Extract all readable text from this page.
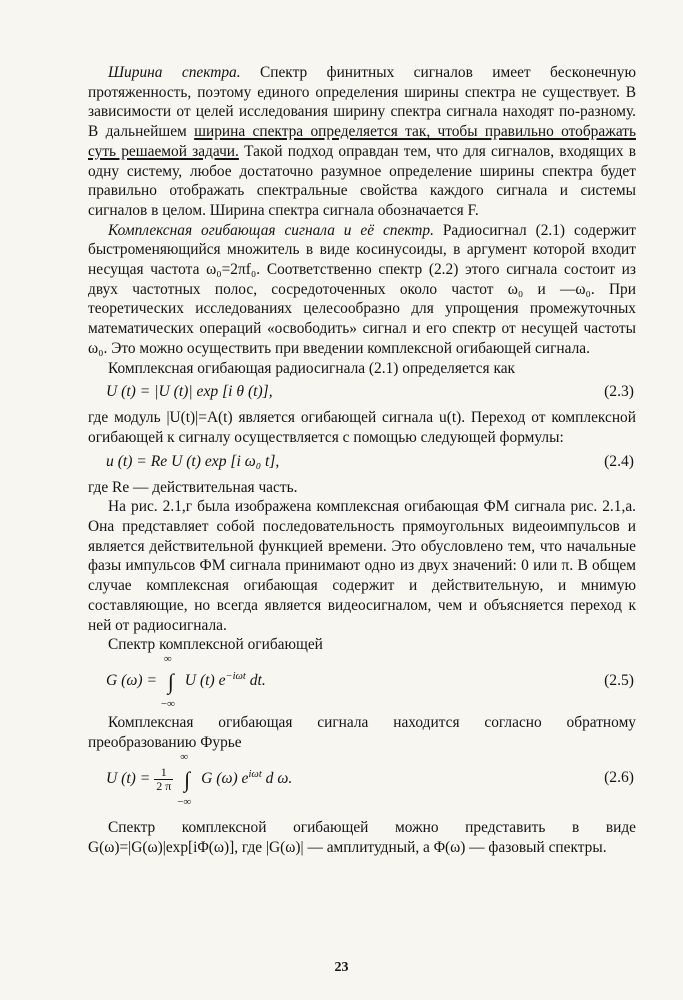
Ширина спектра. Спектр финитных сигналов имеет бесконечную протяженность, поэтому единого определения ширины спектра не существует. В зависимости от целей исследования ширину спектра сигнала находят по-разному. В дальнейшем ширина спектра определяется так, чтобы правильно отображать суть решаемой задачи. Такой подход оправдан тем, что для сигналов, входящих в одну систему, любое достаточно разумное определение ширины спектра будет правильно отображать спектральные свойства каждого сигнала и системы сигналов в целом. Ширина спектра сигнала обозначается F.

Комплексная огибающая сигнала и её спектр. Радиосигнал (2.1) содержит быстроменяющийся множитель в виде косинусоиды, в аргумент которой входит несущая частота ω₀=2πf₀. Соответственно спектр (2.2) этого сигнала состоит из двух частотных полос, сосредоточенных около частот ω₀ и —ω₀. При теоретических исследованиях целесообразно для упрощения промежуточных математических операций «освободить» сигнал и его спектр от несущей частоты ω₀. Это можно осуществить при введении комплексной огибающей сигнала.

Комплексная огибающая радиосигнала (2.1) определяется как

U (t) = |U (t)| exp [i θ (t)],	(2.3)

где модуль |U(t)|=A(t) является огибающей сигнала u(t). Переход от комплексной огибающей к сигналу осуществляется с помощью следующей формулы:

u (t) = Re U (t) exp [i ω₀ t],	(2.4)

где Re — действительная часть.

На рис. 2.1,г была изображена комплексная огибающая ФМ сигнала рис. 2.1,а. Она представляет собой последовательность прямоугольных видеоимпульсов и является действительной функцией времени. Это обусловлено тем, что начальные фазы импульсов ФМ сигнала принимают одно из двух значений: 0 или π. В общем случае комплексная огибающая содержит и действительную, и мнимую составляющие, но всегда является видеосигналом, чем и объясняется переход к ней от радиосигнала.

Спектр комплексной огибающей

G (ω) = ∫
∞
−∞
U (t) $e^{-i\omega t}$ dt.	(2.5)

Комплексная огибающая сигнала находится согласно обратному преобразованию Фурье

U $(t) = \frac{1}{2 \pi}$ ∫
∞
−∞
G (ω) $e^{i\omega t}$ d ω.	(2.6)

Спектр комплексной огибающей можно представить в виде G(ω)=|G(ω)|exp[iΦ(ω)], где |G(ω)| — амплитудный, а Φ(ω) — фазовый спектры.

23
